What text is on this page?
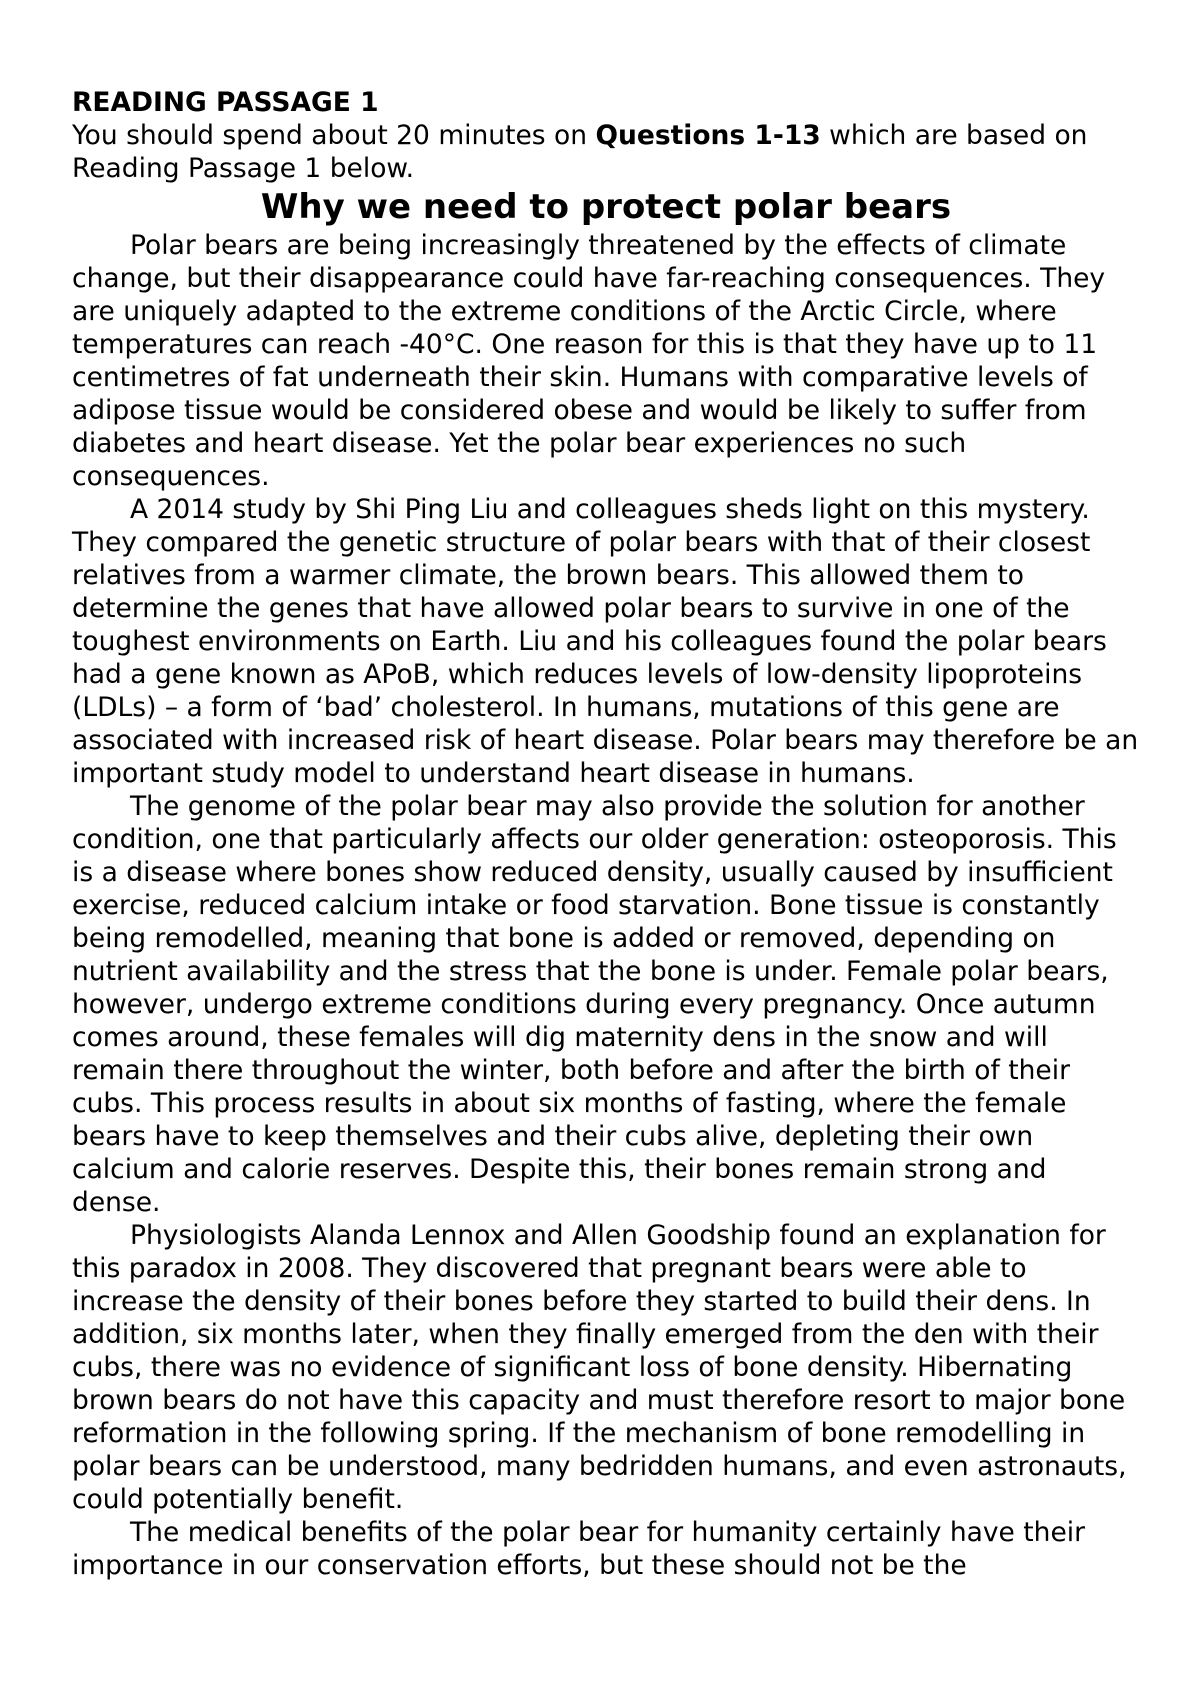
READING PASSAGE 1
You should spend about 20 minutes on Questions 1-13 which are based on Reading Passage 1 below.
Why we need to protect polar bears
Polar bears are being increasingly threatened by the effects of climate change, but their disappearance could have far-reaching consequences. They are uniquely adapted to the extreme conditions of the Arctic Circle, where temperatures can reach -40°C. One reason for this is that they have up to 11 centimetres of fat underneath their skin. Humans with comparative levels of adipose tissue would be considered obese and would be likely to suffer from diabetes and heart disease. Yet the polar bear experiences no such consequences.
A 2014 study by Shi Ping Liu and colleagues sheds light on this mystery. They compared the genetic structure of polar bears with that of their closest relatives from a warmer climate, the brown bears. This allowed them to determine the genes that have allowed polar bears to survive in one of the toughest environments on Earth. Liu and his colleagues found the polar bears had a gene known as APoB, which reduces levels of low-density lipoproteins (LDLs) – a form of ‘bad’ cholesterol. In humans, mutations of this gene are associated with increased risk of heart disease. Polar bears may therefore be an important study model to understand heart disease in humans.
The genome of the polar bear may also provide the solution for another condition, one that particularly affects our older generation: osteoporosis. This is a disease where bones show reduced density, usually caused by insufficient exercise, reduced calcium intake or food starvation. Bone tissue is constantly being remodelled, meaning that bone is added or removed, depending on nutrient availability and the stress that the bone is under. Female polar bears, however, undergo extreme conditions during every pregnancy. Once autumn comes around, these females will dig maternity dens in the snow and will remain there throughout the winter, both before and after the birth of their cubs. This process results in about six months of fasting, where the female bears have to keep themselves and their cubs alive, depleting their own calcium and calorie reserves. Despite this, their bones remain strong and dense.
Physiologists Alanda Lennox and Allen Goodship found an explanation for this paradox in 2008. They discovered that pregnant bears were able to increase the density of their bones before they started to build their dens. In addition, six months later, when they finally emerged from the den with their cubs, there was no evidence of significant loss of bone density. Hibernating brown bears do not have this capacity and must therefore resort to major bone reformation in the following spring. If the mechanism of bone remodelling in polar bears can be understood, many bedridden humans, and even astronauts, could potentially benefit.
The medical benefits of the polar bear for humanity certainly have their importance in our conservation efforts, but these should not be the
